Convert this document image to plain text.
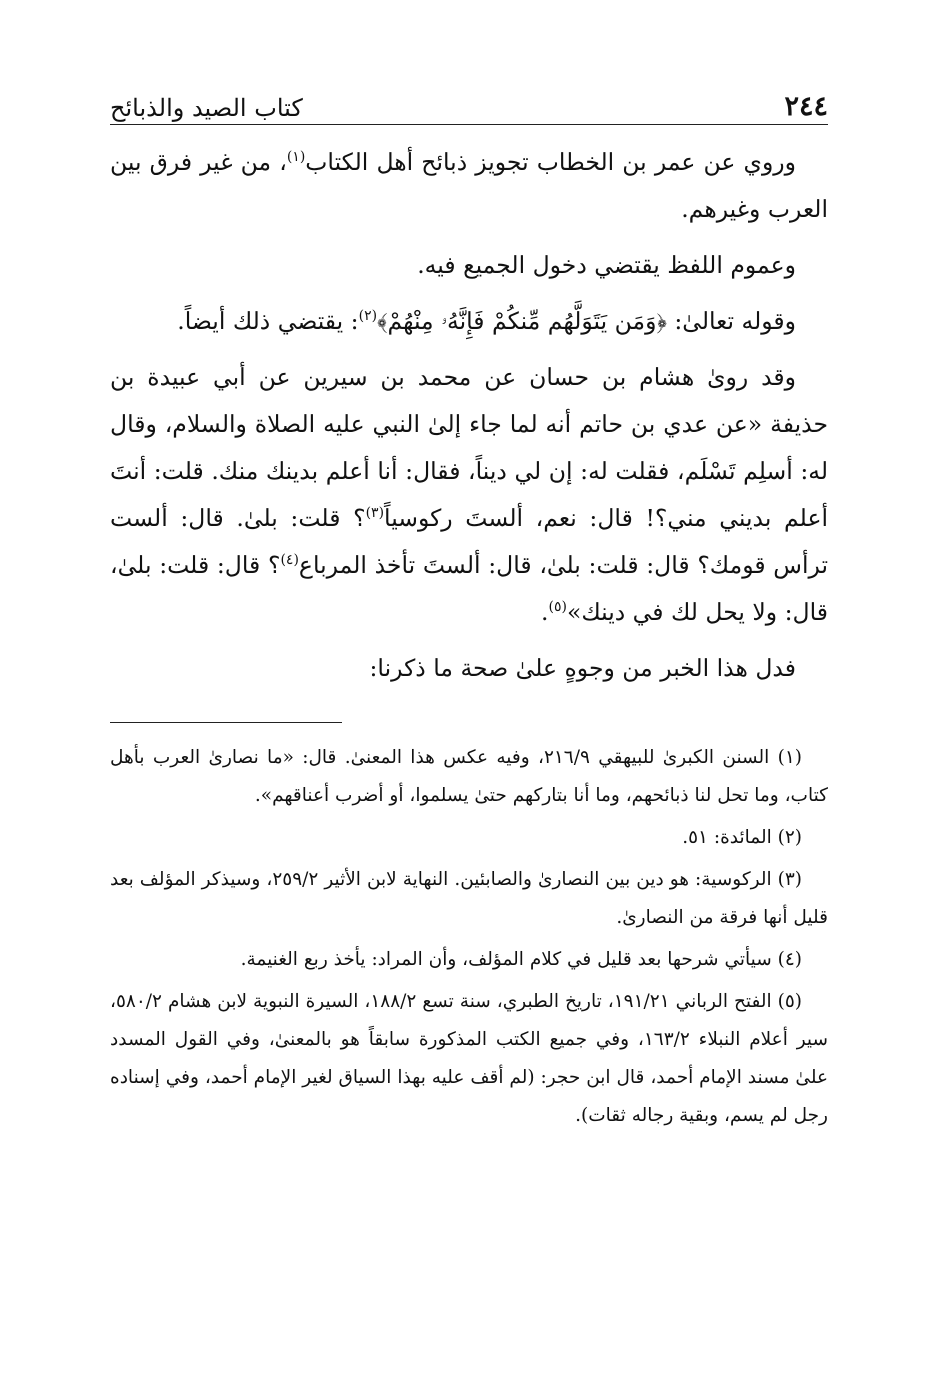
٢٤٤
كتاب الصيد والذبائح

وروي عن عمر بن الخطاب تجويز ذبائح أهل الكتاب$^{(١)}$، من غير فرق بين العرب وغيرهم.

وعموم اللفظ يقتضي دخول الجميع فيه.

وقوله تعالىٰ: ﴿وَمَن يَتَوَلَّهُم مِّنكُمْ فَإِنَّهُۥ مِنْهُمْ﴾$^{(٢)}$: يقتضي ذلك أيضاً.

وقد روىٰ هشام بن حسان عن محمد بن سيرين عن أبي عبيدة بن حذيفة «عن عدي بن حاتم أنه لما جاء إلىٰ النبي عليه الصلاة والسلام، وقال له: أسلِم تَسْلَم، فقلت له: إن لي ديناً، فقال: أنا أعلم بدينك منك. قلت: أنتَ أعلم بديني مني؟! قال: نعم، ألستَ ركوسياً$^{(٣)}$؟ قلت: بلىٰ. قال: ألست ترأس قومك؟ قال: قلت: بلىٰ، قال: ألستَ تأخذ المرباع$^{(٤)}$؟ قال: قلت: بلىٰ، قال: ولا يحل لك في دينك»$^{(٥)}$.

فدل هذا الخبر من وجوهٍ علىٰ صحة ما ذكرنا:

(١) السنن الكبرىٰ للبيهقي ٢١٦/٩، وفيه عكس هذا المعنىٰ. قال: «ما نصارىٰ العرب بأهل كتاب، وما تحل لنا ذبائحهم، وما أنا بتاركهم حتىٰ يسلموا، أو أضرب أعناقهم».

(٢) المائدة: ٥١.

(٣) الركوسية: هو دين بين النصارىٰ والصابئين. النهاية لابن الأثير ٢٥٩/٢، وسيذكر المؤلف بعد قليل أنها فرقة من النصارىٰ.

(٤) سيأتي شرحها بعد قليل في كلام المؤلف، وأن المراد: يأخذ ربع الغنيمة.

(٥) الفتح الرباني ١٩١/٢١، تاريخ الطبري، سنة تسع ١٨٨/٢، السيرة النبوية لابن هشام ٥٨٠/٢، سير أعلام النبلاء ١٦٣/٢، وفي جميع الكتب المذكورة سابقاً هو بالمعنىٰ، وفي القول المسدد علىٰ مسند الإمام أحمد، قال ابن حجر: (لم أقف عليه بهذا السياق لغير الإمام أحمد، وفي إسناده رجل لم يسم، وبقية رجاله ثقات).
